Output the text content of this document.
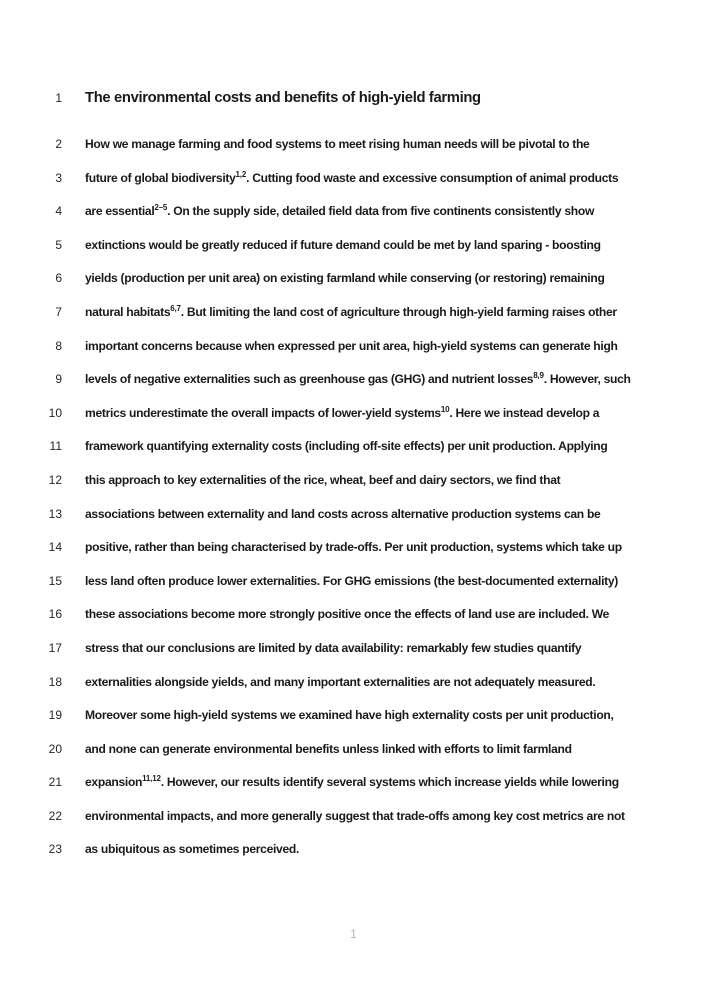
1	The environmental costs and benefits of high-yield farming
2	How we manage farming and food systems to meet rising human needs will be pivotal to the

3	future of global biodiversity$^{1,2}$. Cutting food waste and excessive consumption of animal products

4	are essential$^{2-5}$. On the supply side, detailed field data from five continents consistently show

5	extinctions would be greatly reduced if future demand could be met by land sparing - boosting

6	yields (production per unit area) on existing farmland while conserving (or restoring) remaining

7	natural habitats$^{6,7}$. But limiting the land cost of agriculture through high-yield farming raises other

8	important concerns because when expressed per unit area, high-yield systems can generate high

9	levels of negative externalities such as greenhouse gas (GHG) and nutrient losses$^{8,9}$. However, such

10	metrics underestimate the overall impacts of lower-yield systems$^{10}$. Here we instead develop a

11	framework quantifying externality costs (including off-site effects) per unit production. Applying

12	this approach to key externalities of the rice, wheat, beef and dairy sectors, we find that

13	associations between externality and land costs across alternative production systems can be

14	positive, rather than being characterised by trade-offs. Per unit production, systems which take up

15	less land often produce lower externalities. For GHG emissions (the best-documented externality)

16	these associations become more strongly positive once the effects of land use are included. We

17	stress that our conclusions are limited by data availability: remarkably few studies quantify

18	externalities alongside yields, and many important externalities are not adequately measured.

19	Moreover some high-yield systems we examined have high externality costs per unit production,

20	and none can generate environmental benefits unless linked with efforts to limit farmland

21	expansion$^{11,12}$. However, our results identify several systems which increase yields while lowering

22	environmental impacts, and more generally suggest that trade-offs among key cost metrics are not

23	as ubiquitous as sometimes perceived.

1
